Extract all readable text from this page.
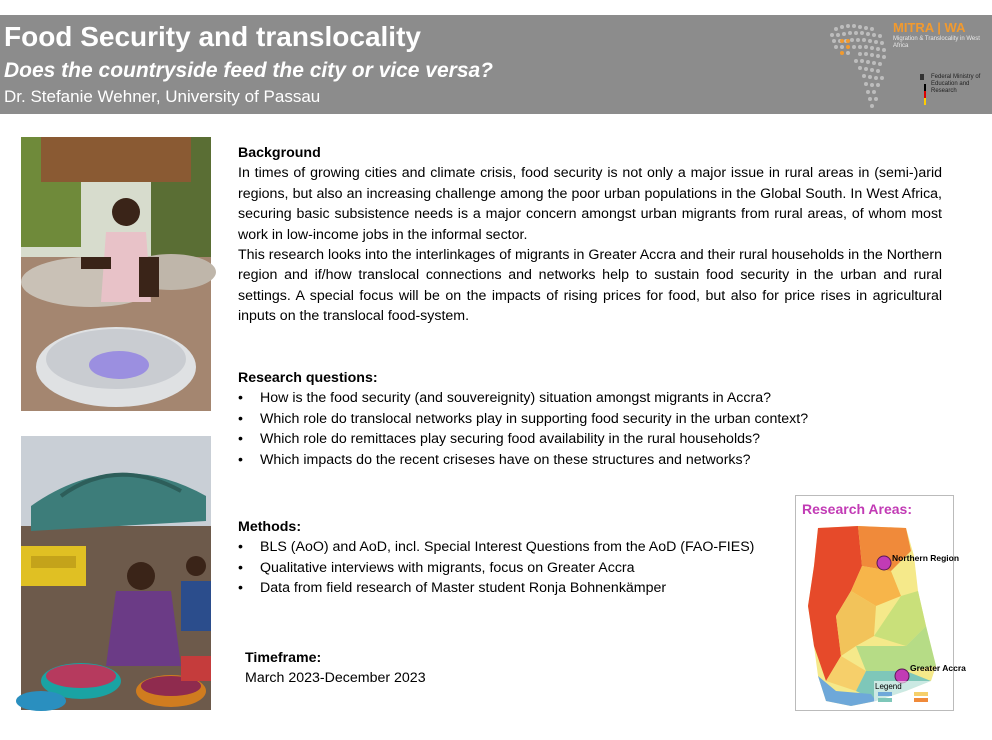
Food Security and translocality
Does the countryside feed the city or vice versa?
Dr. Stefanie Wehner, University of Passau
MITRA | WA
Migration & Translocality in West Africa
Federal Ministry of Education and Research
Background

In times of growing cities and climate crisis, food security is not only a major issue in rural areas in (semi-)arid regions, but also an increasing challenge among the poor urban populations in the Global South. In West Africa, securing basic subsistence needs is a major concern amongst urban migrants from rural areas, of whom most work in low-income jobs in the informal sector.

This research looks into the interlinkages of migrants in Greater Accra and their rural households in the Northern region and if/how translocal connections and networks help to sustain food security in the urban and rural settings. A special focus will be on the impacts of rising prices for food, but also for price rises in agricultural inputs on the translocal food-system.

Research questions:
• How is the food security (and souvereignity) situation amongst migrants in Accra?
• Which role do translocal networks play in supporting food security in the urban context?
• Which role do remittaces play securing food availability in the rural households?
• Which impacts do the recent criseses have on these structures and networks?
Methods:
• BLS (AoO) and AoD, incl. Special Interest Questions from the AoD (FAO-FIES)
• Qualitative interviews with migrants, focus on Greater Accra
• Data from field research of Master student Ronja Bohnenkämper
Timeframe:

March 2023-December 2023

Research Areas:
Northern Region
Greater Accra
Legend
